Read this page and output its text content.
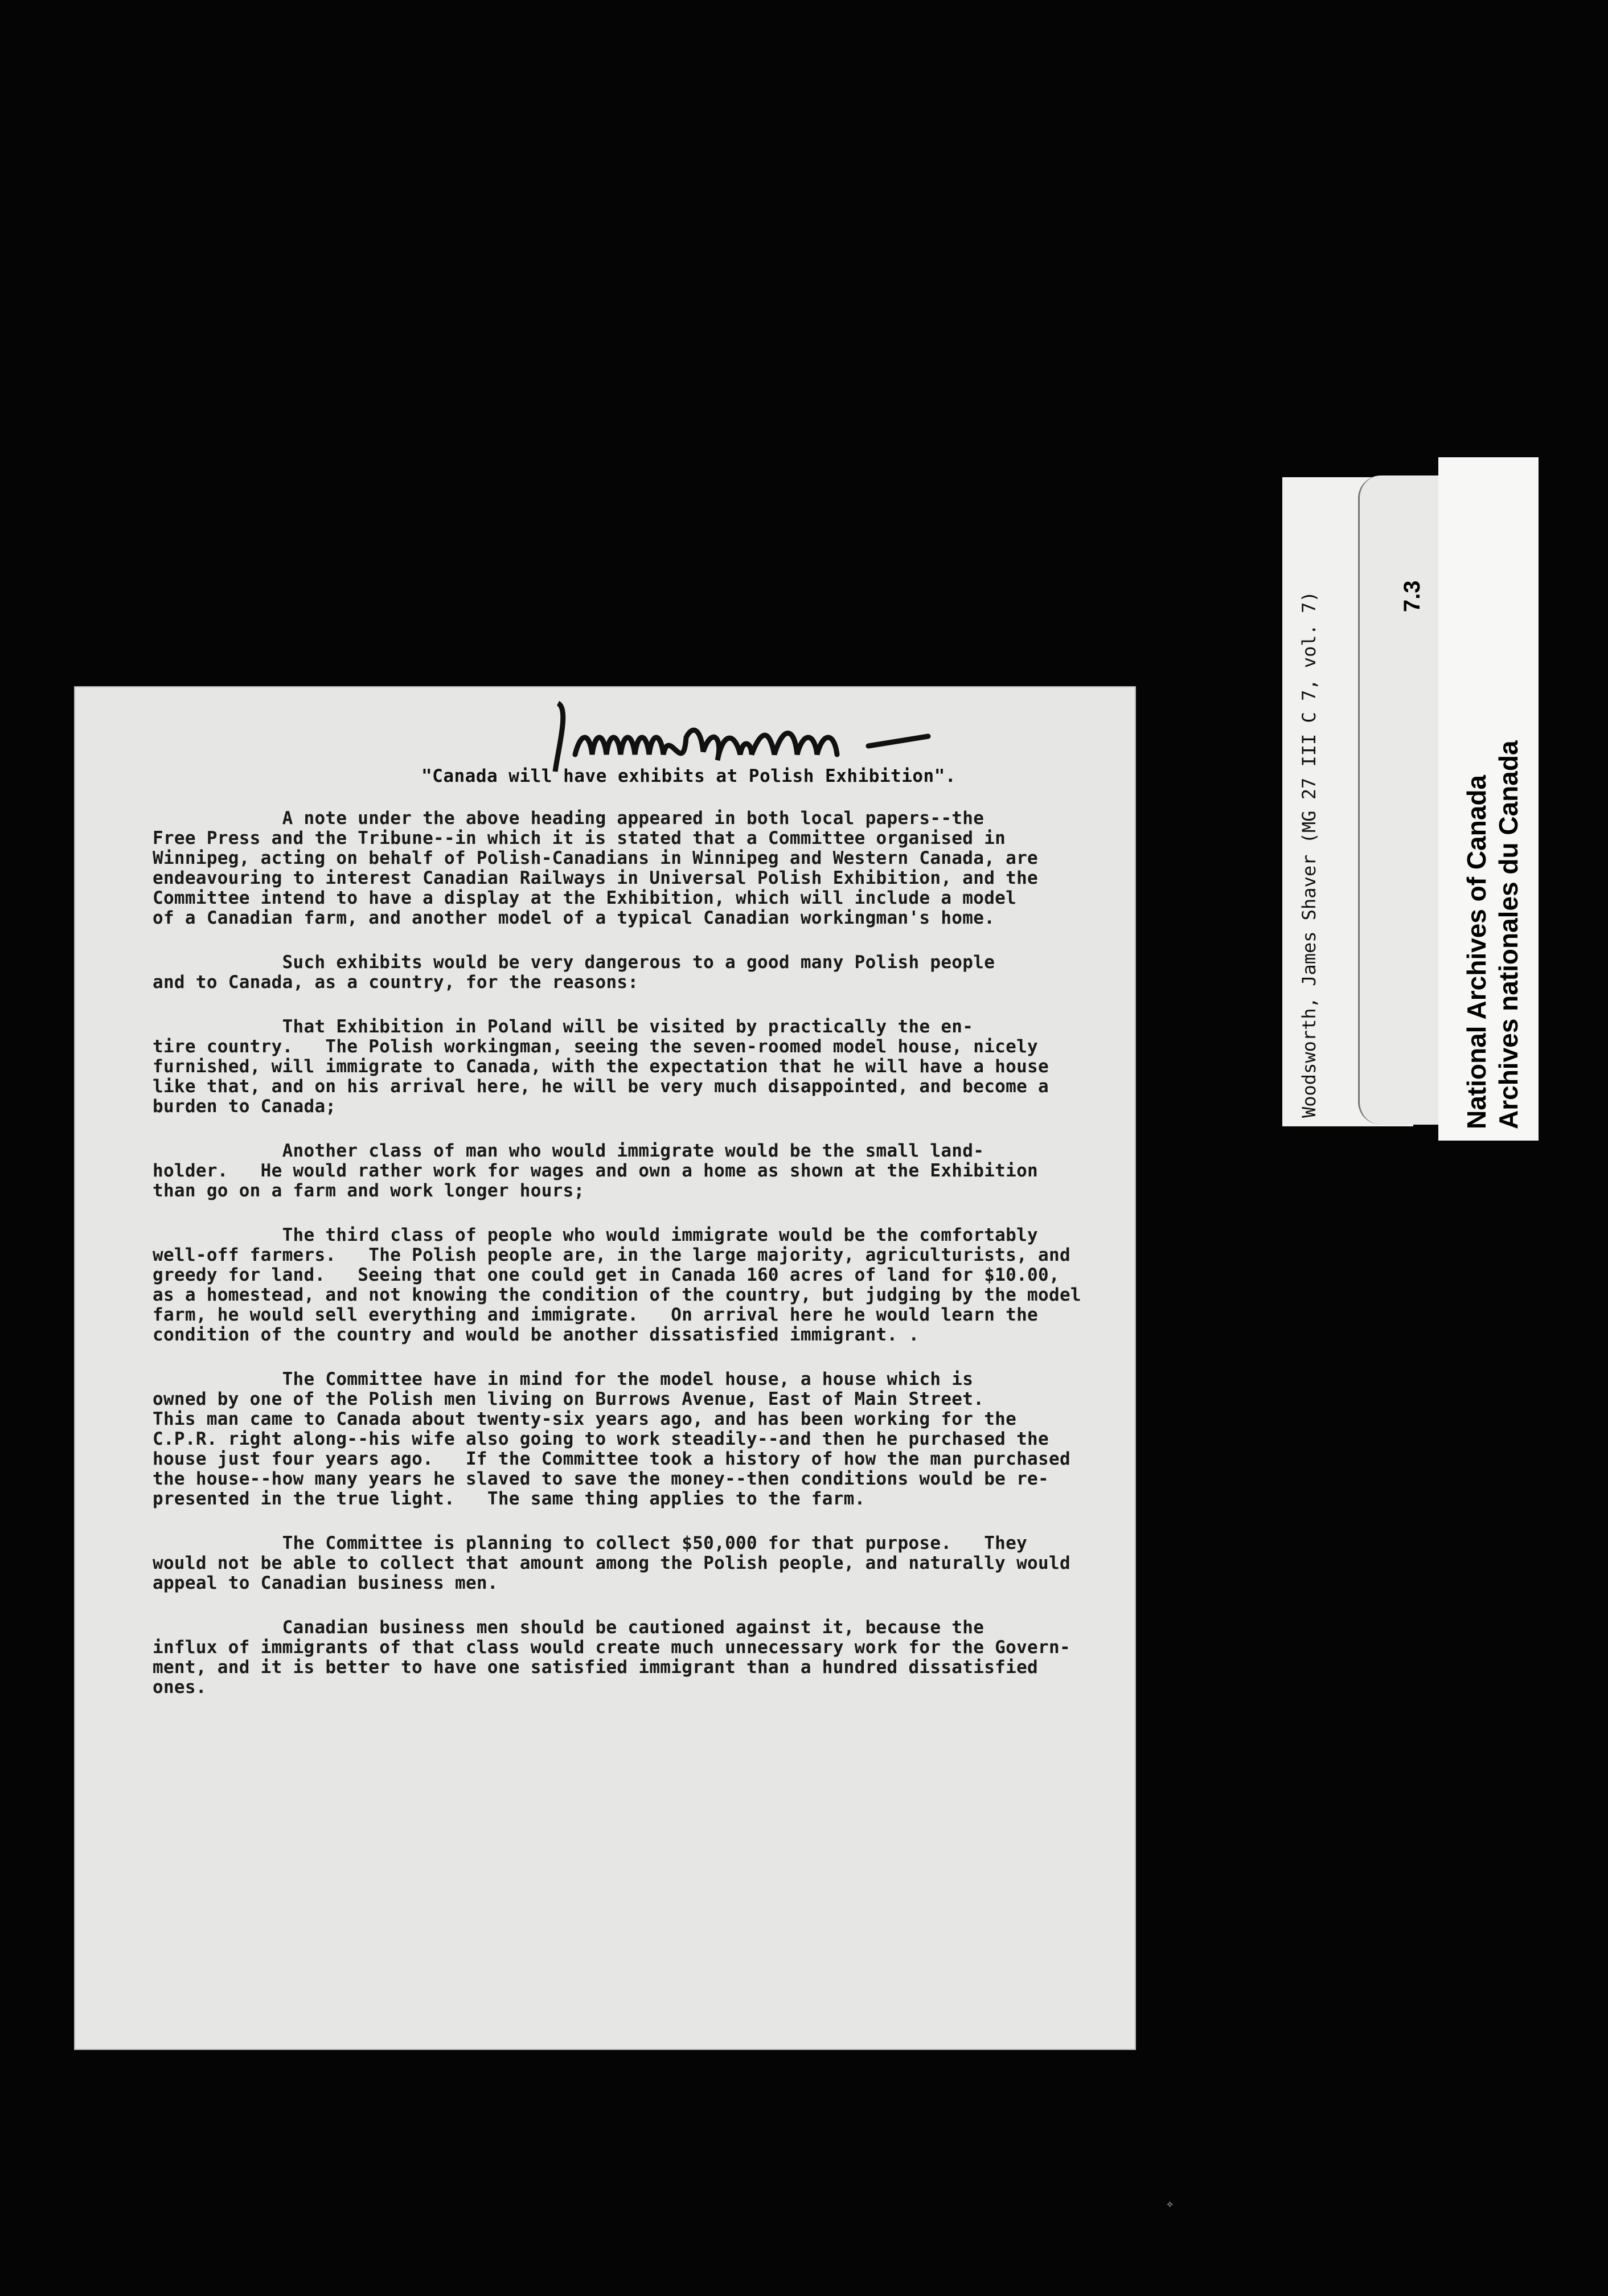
"Canada will have exhibits at Polish Exhibition".
A note under the above heading appeared in both local papers--the
Free Press and the Tribune--in which it is stated that a Committee organised in
Winnipeg, acting on behalf of Polish-Canadians in Winnipeg and Western Canada, are
endeavouring to interest Canadian Railways in Universal Polish Exhibition, and the
Committee intend to have a display at the Exhibition, which will include a model
of a Canadian farm, and another model of a typical Canadian workingman's home.
Such exhibits would be very dangerous to a good many Polish people
and to Canada, as a country, for the reasons:
That Exhibition in Poland will be visited by practically the en-
tire country.   The Polish workingman, seeing the seven-roomed model house, nicely
furnished, will immigrate to Canada, with the expectation that he will have a house
like that, and on his arrival here, he will be very much disappointed, and become a
burden to Canada;
Another class of man who would immigrate would be the small land-
holder.   He would rather work for wages and own a home as shown at the Exhibition
than go on a farm and work longer hours;
The third class of people who would immigrate would be the comfortably
well-off farmers.   The Polish people are, in the large majority, agriculturists, and
greedy for land.   Seeing that one could get in Canada 160 acres of land for $10.00,
as a homestead, and not knowing the condition of the country, but judging by the model
farm, he would sell everything and immigrate.   On arrival here he would learn the
condition of the country and would be another dissatisfied immigrant. .
The Committee have in mind for the model house, a house which is
owned by one of the Polish men living on Burrows Avenue, East of Main Street.
This man came to Canada about twenty-six years ago, and has been working for the
C.P.R. right along--his wife also going to work steadily--and then he purchased the
house just four years ago.   If the Committee took a history of how the man purchased
the house--how many years he slaved to save the money--then conditions would be re-
presented in the true light.   The same thing applies to the farm.
The Committee is planning to collect $50,000 for that purpose.   They
would not be able to collect that amount among the Polish people, and naturally would
appeal to Canadian business men.
Canadian business men should be cautioned against it, because the
influx of immigrants of that class would create much unnecessary work for the Govern-
ment, and it is better to have one satisfied immigrant than a hundred dissatisfied
ones.
Woodsworth, James Shaver (MG 27 III C 7, vol. 7)	7.3
National Archives of Canada Archives nationales du Canada
✧
